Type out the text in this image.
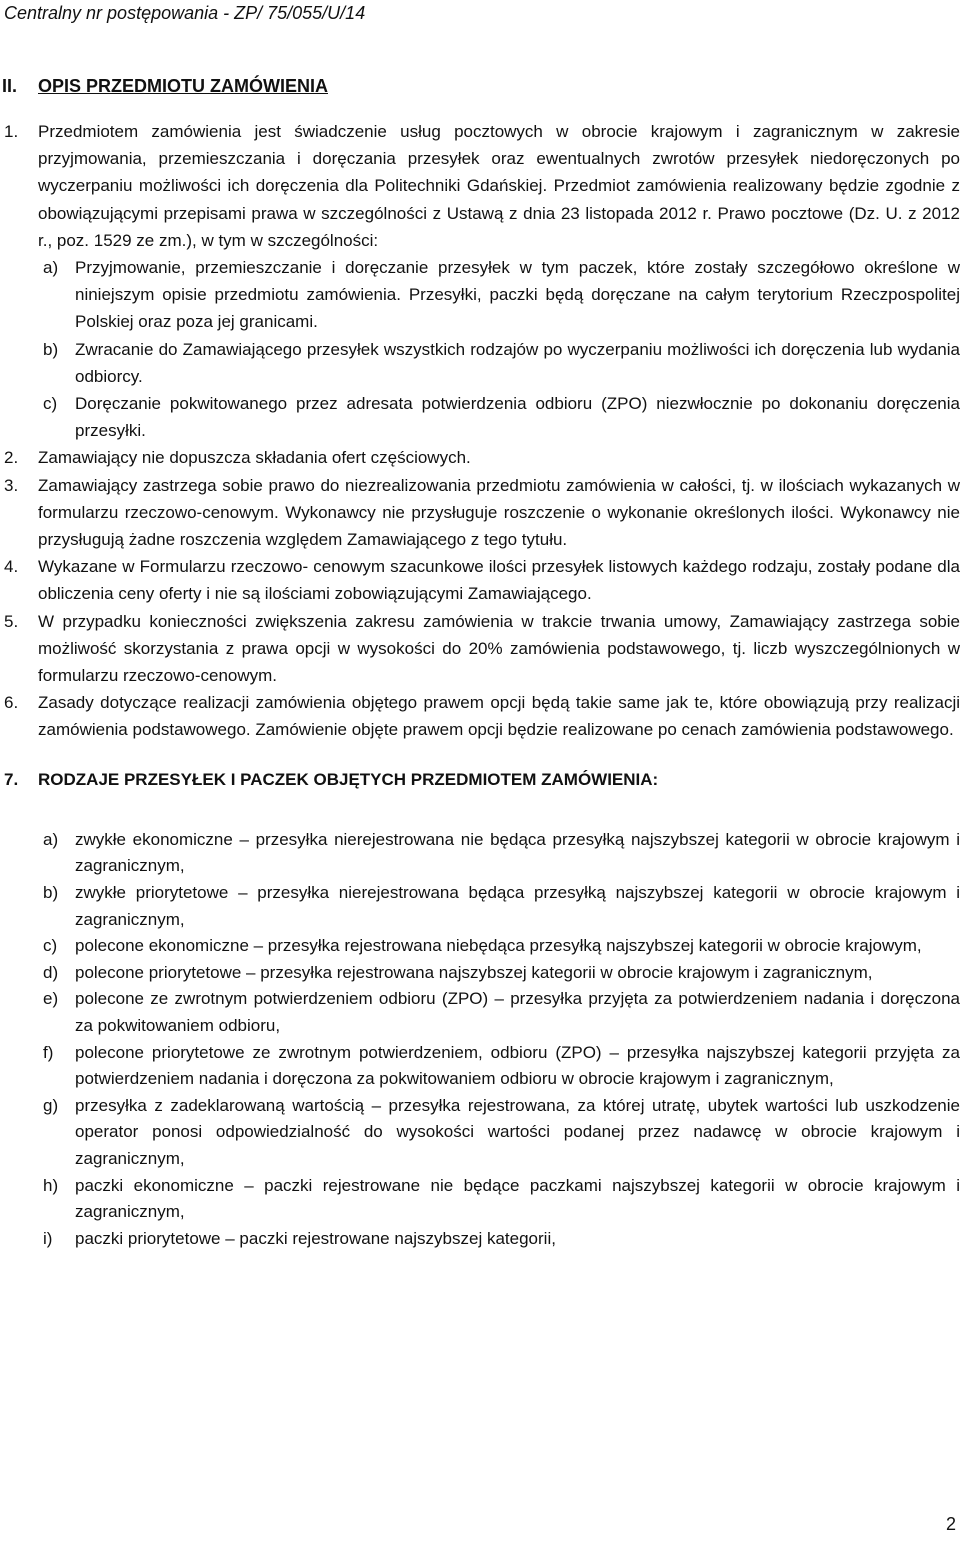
Centralny nr postępowania - ZP/ 75/055/U/14
II. OPIS PRZEDMIOTU ZAMÓWIENIA
1. Przedmiotem zamówienia jest świadczenie usług pocztowych w obrocie krajowym i zagranicznym w zakresie przyjmowania, przemieszczania i doręczania przesyłek oraz ewentualnych zwrotów przesyłek niedoręczonych po wyczerpaniu możliwości ich doręczenia dla Politechniki Gdańskiej. Przedmiot zamówienia realizowany będzie zgodnie z obowiązującymi przepisami prawa w szczególności z Ustawą z dnia 23 listopada 2012 r. Prawo pocztowe (Dz. U. z 2012 r., poz. 1529 ze zm.), w tym w szczególności:
a) Przyjmowanie, przemieszczanie i doręczanie przesyłek w tym paczek, które zostały szczegółowo określone w niniejszym opisie przedmiotu zamówienia. Przesyłki, paczki będą doręczane na całym terytorium Rzeczpospolitej Polskiej oraz poza jej granicami.
b) Zwracanie do Zamawiającego przesyłek wszystkich rodzajów po wyczerpaniu możliwości ich doręczenia lub wydania odbiorcy.
c) Doręczanie pokwitowanego przez adresata potwierdzenia odbioru (ZPO) niezwłocznie po dokonaniu doręczenia przesyłki.
2. Zamawiający nie dopuszcza składania ofert częściowych.
3. Zamawiający zastrzega sobie prawo do niezrealizowania przedmiotu zamówienia w całości, tj. w ilościach wykazanych w formularzu rzeczowo-cenowym. Wykonawcy nie przysługuje roszczenie o wykonanie określonych ilości. Wykonawcy nie przysługują żadne roszczenia względem Zamawiającego z tego tytułu.
4. Wykazane w Formularzu rzeczowo- cenowym szacunkowe ilości przesyłek listowych każdego rodzaju, zostały podane dla obliczenia ceny oferty i nie są ilościami zobowiązującymi Zamawiającego.
5. W przypadku konieczności zwiększenia zakresu zamówienia w trakcie trwania umowy, Zamawiający zastrzega sobie możliwość skorzystania z prawa opcji w wysokości do 20% zamówienia podstawowego, tj. liczb wyszczególnionych w formularzu rzeczowo-cenowym.
6. Zasady dotyczące realizacji zamówienia objętego prawem opcji będą takie same jak te, które obowiązują przy realizacji zamówienia podstawowego. Zamówienie objęte prawem opcji będzie realizowane po cenach zamówienia podstawowego.
7. RODZAJE PRZESYŁEK I PACZEK OBJĘTYCH PRZEDMIOTEM ZAMÓWIENIA:
a) zwykłe ekonomiczne – przesyłka nierejestrowana nie będąca przesyłką najszybszej kategorii w obrocie krajowym i zagranicznym,
b) zwykłe priorytetowe – przesyłka nierejestrowana będąca przesyłką najszybszej kategorii w obrocie krajowym i zagranicznym,
c) polecone ekonomiczne – przesyłka rejestrowana niebędąca przesyłką najszybszej kategorii w obrocie krajowym,
d) polecone priorytetowe – przesyłka rejestrowana najszybszej kategorii w obrocie krajowym i zagranicznym,
e) polecone ze zwrotnym potwierdzeniem odbioru (ZPO) – przesyłka przyjęta za potwierdzeniem nadania i doręczona za pokwitowaniem odbioru,
f) polecone priorytetowe ze zwrotnym potwierdzeniem, odbioru (ZPO) – przesyłka najszybszej kategorii przyjęta za potwierdzeniem nadania i doręczona za pokwitowaniem odbioru w obrocie krajowym i zagranicznym,
g) przesyłka z zadeklarowaną wartością – przesyłka rejestrowana, za której utratę, ubytek wartości lub uszkodzenie operator ponosi odpowiedzialność do wysokości wartości podanej przez nadawcę w obrocie krajowym i zagranicznym,
h) paczki ekonomiczne – paczki rejestrowane nie będące paczkami najszybszej kategorii w obrocie krajowym i zagranicznym,
i) paczki priorytetowe – paczki rejestrowane najszybszej kategorii,
2
